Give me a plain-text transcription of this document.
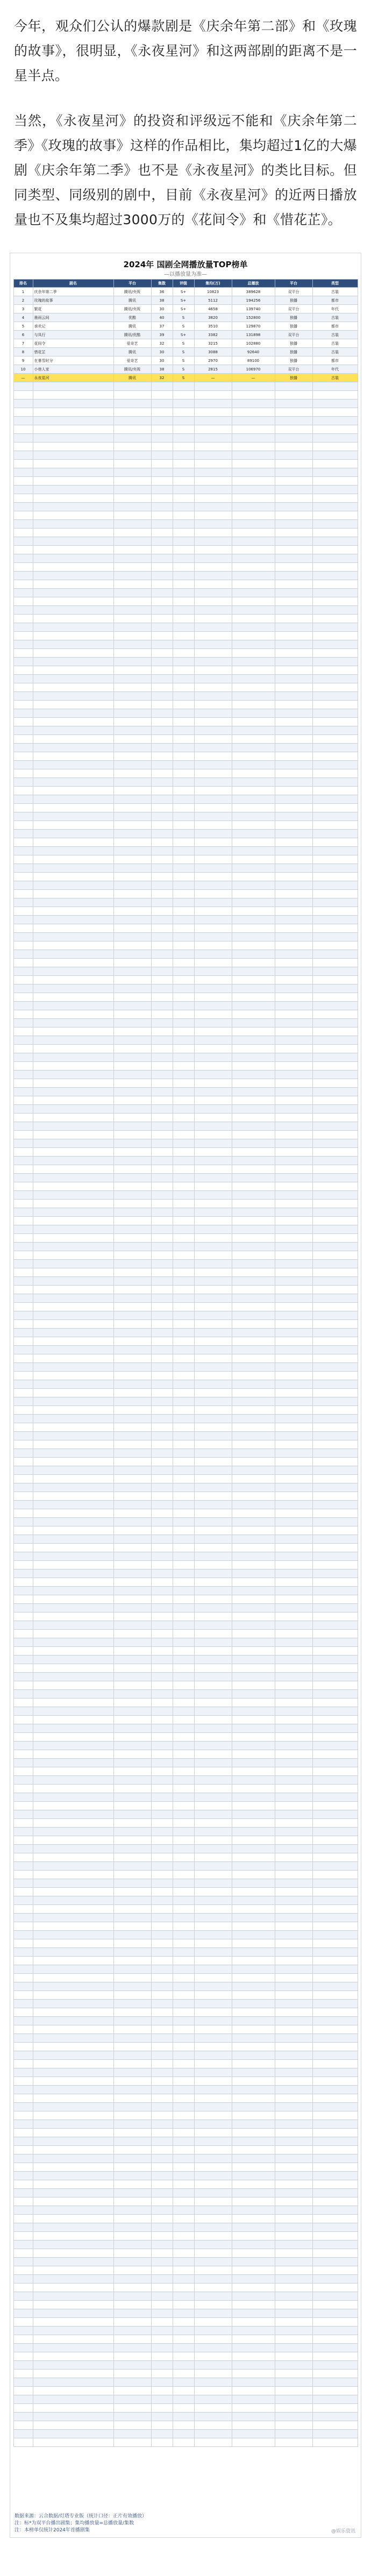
今年，观众们公认的爆款剧是《庆余年第二部》和《玫瑰的故事》，很明显，《永夜星河》和这两部剧的距离不是一星半点。

当然，《永夜星河》的投资和评级远不能和《庆余年第二季》《玫瑰的故事》这样的作品相比，集均超过1亿的大爆剧《庆余年第二季》也不是《永夜星河》的类比目标。但同类型、同级别的剧中，目前《永夜星河》的近两日播放量也不及集均超过3000万的《花间令》和《惜花芷》。

2024年 国剧全网播放量TOP榜单
—以播放量为准—
排名	剧名	平台	集数	评级	集均(万)	总播放	平台	类型
1	庆余年第二季	腾讯/央视	36	S+	10823	389628	双平台	古装
2	玫瑰的故事	腾讯	38	S+	5112	194256	独播	都市
3	繁花	腾讯/央视	30	S+	4658	139740	双平台	年代
4	墨雨云间	优酷	40	S	3820	152800	独播	古装
5	承欢记	腾讯	37	S	3510	129870	独播	都市
6	与凤行	腾讯/优酷	39	S+	3382	131898	双平台	古装
7	花间令	爱奇艺	32	S	3215	102880	独播	古装
8	惜花芷	腾讯	30	S	3088	92640	独播	古装
9	在暴雪时分	爱奇艺	30	S	2970	89100	独播	都市
10	小巷人家	腾讯/央视	38	S	2815	106970	双平台	年代
—	永夜星河	腾讯	32	S	—	—	独播	古装

数据来源：云合数据/灯塔专业版（统计口径：正片有效播放）
注：标*为双平台播出剧集；集均播放量=总播放量/集数
注：本榜单仅统计2024年首播剧集	@娱乐资讯
